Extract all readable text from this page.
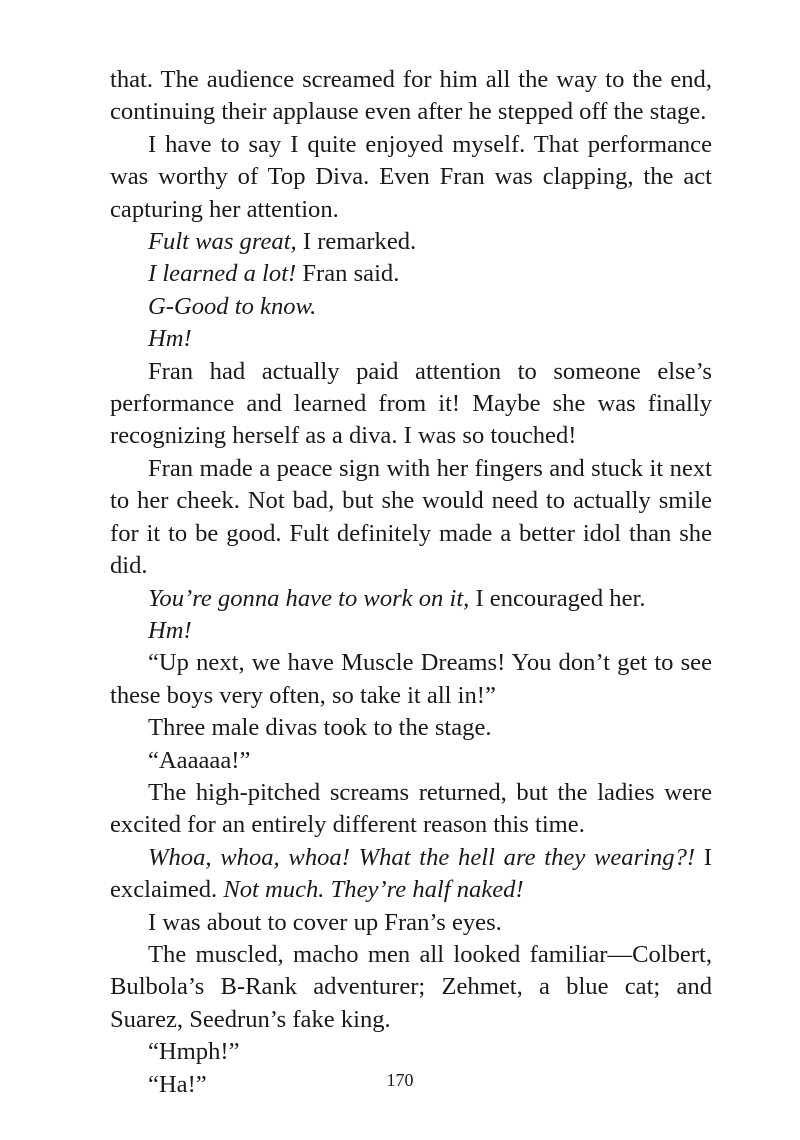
that. The audience screamed for him all the way to the end, continuing their applause even after he stepped off the stage.

I have to say I quite enjoyed myself. That performance was worthy of Top Diva. Even Fran was clapping, the act capturing her attention.

Fult was great, I remarked.

I learned a lot! Fran said.

G-Good to know.

Hm!

Fran had actually paid attention to someone else’s performance and learned from it! Maybe she was finally recognizing herself as a diva. I was so touched!

Fran made a peace sign with her fingers and stuck it next to her cheek. Not bad, but she would need to actually smile for it to be good. Fult definitely made a better idol than she did.

You’re gonna have to work on it, I encouraged her.

Hm!

“Up next, we have Muscle Dreams! You don’t get to see these boys very often, so take it all in!”

Three male divas took to the stage.

“Aaaaaa!”

The high-pitched screams returned, but the ladies were excited for an entirely different reason this time.

Whoa, whoa, whoa! What the hell are they wearing?! I exclaimed. Not much. They’re half naked!

I was about to cover up Fran’s eyes.

The muscled, macho men all looked familiar—Colbert, Bulbola’s B-Rank adventurer; Zehmet, a blue cat; and Suarez, Seedrun’s fake king.

“Hmph!”

“Ha!”	170
